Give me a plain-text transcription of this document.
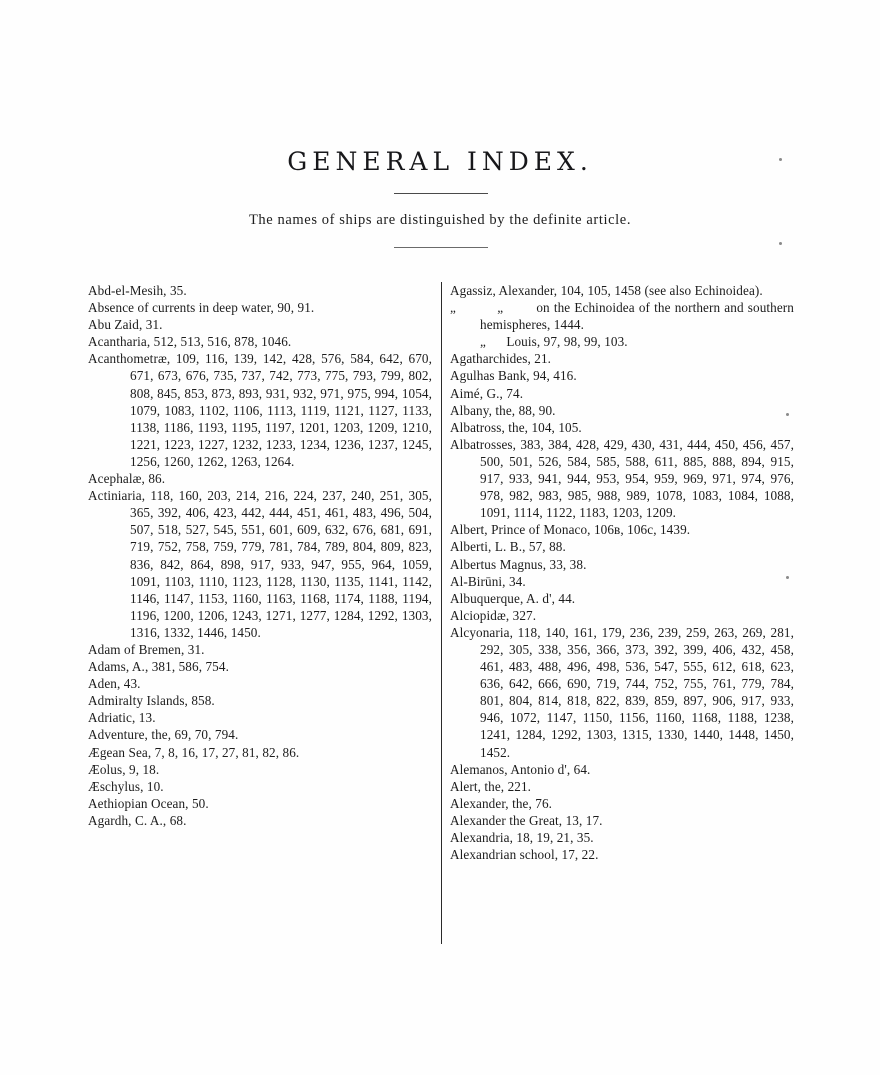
GENERAL INDEX.
The names of ships are distinguished by the definite article.
Abd-el-Mesih, 35.
Absence of currents in deep water, 90, 91.
Abu Zaid, 31.
Acantharia, 512, 513, 516, 878, 1046.
Acanthometræ, 109, 116, 139, 142, 428, 576, 584, 642, 670, 671, 673, 676, 735, 737, 742, 773, 775, 793, 799, 802, 808, 845, 853, 873, 893, 931, 932, 971, 975, 994, 1054, 1079, 1083, 1102, 1106, 1113, 1119, 1121, 1127, 1133, 1138, 1186, 1193, 1195, 1197, 1201, 1203, 1209, 1210, 1221, 1223, 1227, 1232, 1233, 1234, 1236, 1237, 1245, 1256, 1260, 1262, 1263, 1264.
Acephalæ, 86.
Actiniaria, 118, 160, 203, 214, 216, 224, 237, 240, 251, 305, 365, 392, 406, 423, 442, 444, 451, 461, 483, 496, 504, 507, 518, 527, 545, 551, 601, 609, 632, 676, 681, 691, 719, 752, 758, 759, 779, 781, 784, 789, 804, 809, 823, 836, 842, 864, 898, 917, 933, 947, 955, 964, 1059, 1091, 1103, 1110, 1123, 1128, 1130, 1135, 1141, 1142, 1146, 1147, 1153, 1160, 1163, 1168, 1174, 1188, 1194, 1196, 1200, 1206, 1243, 1271, 1277, 1284, 1292, 1303, 1316, 1332, 1446, 1450.
Adam of Bremen, 31.
Adams, A., 381, 586, 754.
Aden, 43.
Admiralty Islands, 858.
Adriatic, 13.
Adventure, the, 69, 70, 794.
Ægean Sea, 7, 8, 16, 17, 27, 81, 82, 86.
Æolus, 9, 18.
Æschylus, 10.
Aethiopian Ocean, 50.
Agardh, C. A., 68.
Agassiz, Alexander, 104, 105, 1458 (see also Echinoidea).
„          „        on the Echinoidea of the northern and southern hemispheres, 1444.
„      Louis, 97, 98, 99, 103.
Agatharchides, 21.
Agulhas Bank, 94, 416.
Aimé, G., 74.
Albany, the, 88, 90.
Albatross, the, 104, 105.
Albatrosses, 383, 384, 428, 429, 430, 431, 444, 450, 456, 457, 500, 501, 526, 584, 585, 588, 611, 885, 888, 894, 915, 917, 933, 941, 944, 953, 954, 959, 969, 971, 974, 976, 978, 982, 983, 985, 988, 989, 1078, 1083, 1084, 1088, 1091, 1114, 1122, 1183, 1203, 1209.
Albert, Prince of Monaco, 106в, 106c, 1439.
Alberti, L. B., 57, 88.
Albertus Magnus, 33, 38.
Al-Birūni, 34.
Albuquerque, A. d', 44.
Alciopidæ, 327.
Alcyonaria, 118, 140, 161, 179, 236, 239, 259, 263, 269, 281, 292, 305, 338, 356, 366, 373, 392, 399, 406, 432, 458, 461, 483, 488, 496, 498, 536, 547, 555, 612, 618, 623, 636, 642, 666, 690, 719, 744, 752, 755, 761, 779, 784, 801, 804, 814, 818, 822, 839, 859, 897, 906, 917, 933, 946, 1072, 1147, 1150, 1156, 1160, 1168, 1188, 1238, 1241, 1284, 1292, 1303, 1315, 1330, 1440, 1448, 1450, 1452.
Alemanos, Antonio d', 64.
Alert, the, 221.
Alexander, the, 76.
Alexander the Great, 13, 17.
Alexandria, 18, 19, 21, 35.
Alexandrian school, 17, 22.
